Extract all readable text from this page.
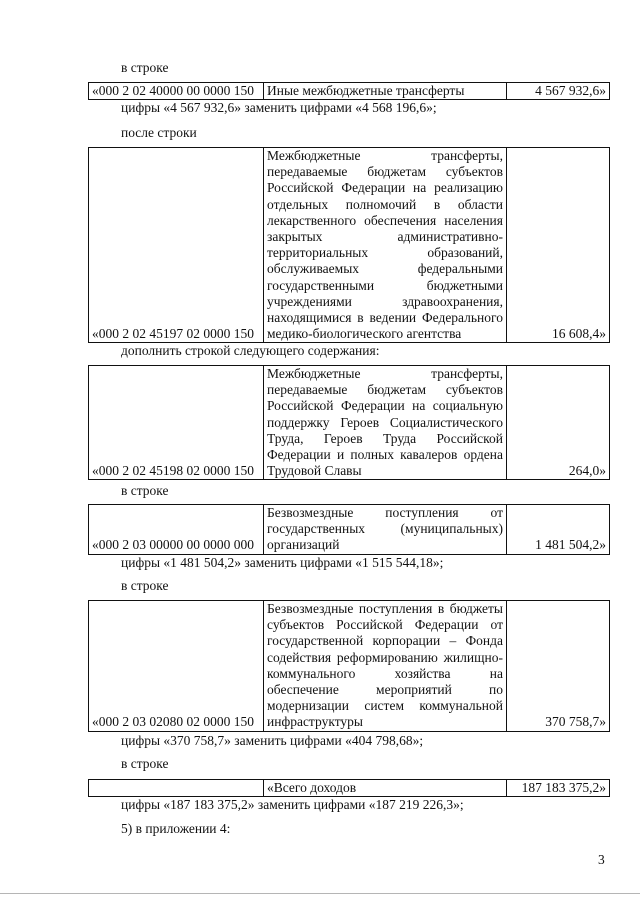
в строке
«000 2 02 40000 00 0000 150	Иные межбюджетные трансферты	4 567 932,6»
цифры «4 567 932,6» заменить цифрами «4 568 196,6»;
после строки
«000 2 02 45197 02 0000 150	Межбюджетные трансферты, передаваемые бюджетам субъектов Российской Федерации на реализацию отдельных полномочий в области лекарственного обеспечения населения закрытых административно-территориальных образований, обслуживаемых федеральными государственными бюджетными учреждениями здравоохранения, находящимися в ведении Федерального медико-биологического агентства	16 608,4»
дополнить строкой следующего содержания:
«000 2 02 45198 02 0000 150	Межбюджетные трансферты, передаваемые бюджетам субъектов Российской Федерации на социальную поддержку Героев Социалистического Труда, Героев Труда Российской Федерации и полных кавалеров ордена Трудовой Славы	264,0»
в строке
«000 2 03 00000 00 0000 000	Безвозмездные поступления от государственных (муниципальных) организаций	1 481 504,2»
цифры «1 481 504,2» заменить цифрами «1 515 544,18»;
в строке
«000 2 03 02080 02 0000 150	Безвозмездные поступления в бюджеты субъектов Российской Федерации от государственной корпорации – Фонда содействия реформированию жилищно-коммунального хозяйства на обеспечение мероприятий по модернизации систем коммунальной инфраструктуры	370 758,7»
цифры «370 758,7» заменить цифрами «404 798,68»;
в строке
	«Всего доходов	187 183 375,2»
цифры «187 183 375,2» заменить цифрами «187 219 226,3»;
5) в приложении 4:
3
